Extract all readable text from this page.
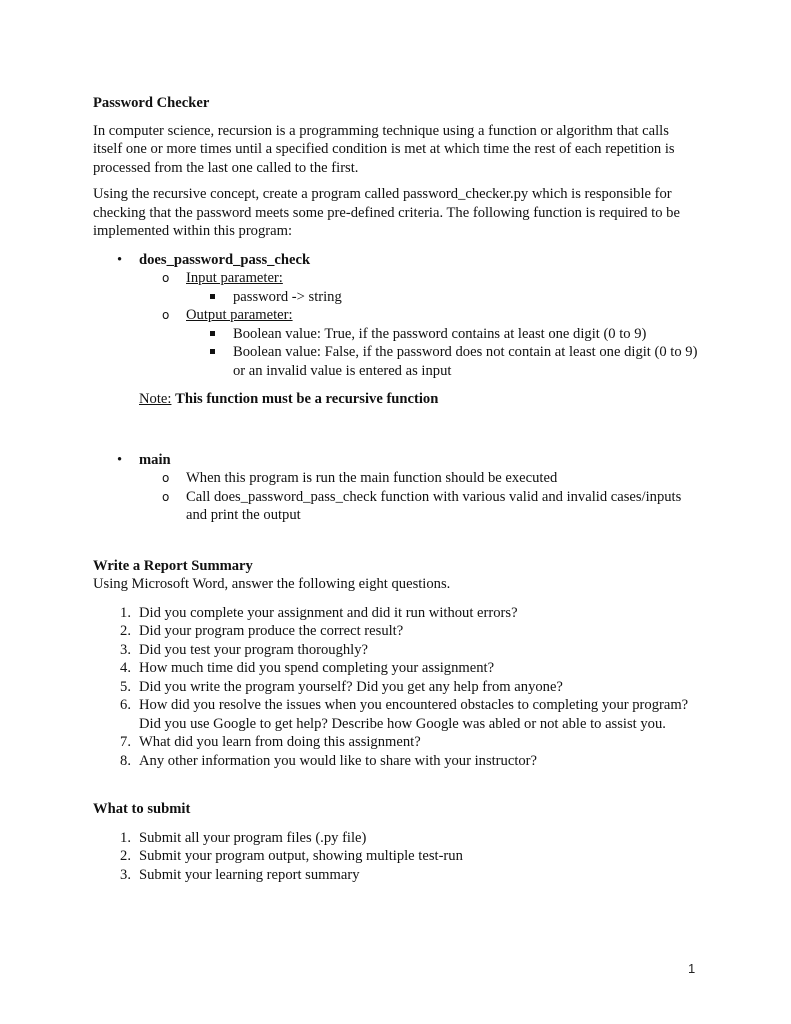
Password Checker

In computer science, recursion is a programming technique using a function or algorithm that calls itself one or more times until a specified condition is met at which time the rest of each repetition is processed from the last one called to the first.

Using the recursive concept, create a program called password_checker.py which is responsible for checking that the password meets some pre-defined criteria. The following function is required to be implemented within this program:

•	does_password_pass_check
o Input parameter:
password -> string
o Output parameter:
Boolean value: True, if the password contains at least one digit (0 to 9)
Boolean value: False, if the password does not contain at least one digit (0 to 9) or an invalid value is entered as input

Note: This function must be a recursive function

•	main
o When this program is run the main function should be executed
o Call does_password_pass_check function with various valid and invalid cases/inputs and print the output

Write a Report Summary

Using Microsoft Word, answer the following eight questions.

1. Did you complete your assignment and did it run without errors?
2. Did your program produce the correct result?
3. Did you test your program thoroughly?
4. How much time did you spend completing your assignment?
5. Did you write the program yourself? Did you get any help from anyone?
6. How did you resolve the issues when you encountered obstacles to completing your program? Did you use Google to get help? Describe how Google was abled or not able to assist you.
7. What did you learn from doing this assignment?
8. Any other information you would like to share with your instructor?

What to submit

1. Submit all your program files (.py file)
2. Submit your program output, showing multiple test-run
3. Submit your learning report summary
1
